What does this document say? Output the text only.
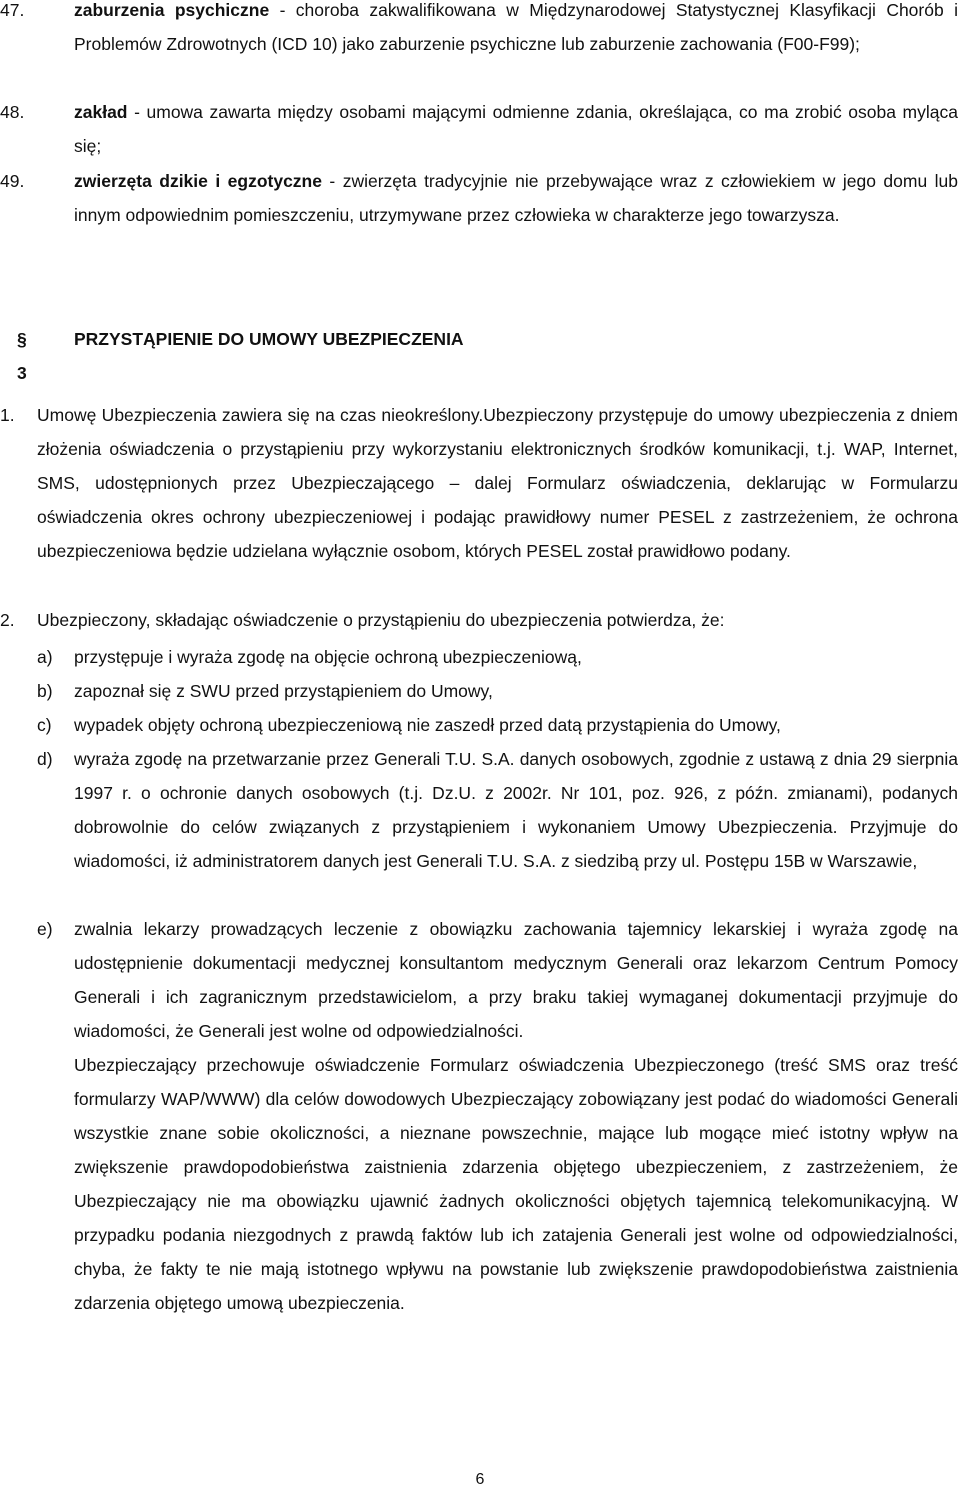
47.	zaburzenia psychiczne - choroba zakwalifikowana w Międzynarodowej Statystycznej Klasyfikacji Chorób i Problemów Zdrowotnych (ICD 10) jako zaburzenie psychiczne lub zaburzenie zachowania (F00-F99);
48.	zakład - umowa zawarta między osobami mającymi odmienne zdania, określająca, co ma zrobić osoba myląca się;
49.	zwierzęta dzikie i egzotyczne - zwierzęta tradycyjnie nie przebywające wraz z człowiekiem w jego domu lub innym odpowiednim pomieszczeniu, utrzymywane przez człowieka w charakterze jego towarzysza.
§ 3
PRZYSTĄPIENIE DO UMOWY UBEZPIECZENIA
1. Umowę Ubezpieczenia zawiera się na czas nieokreślony.Ubezpieczony przystępuje do umowy ubezpieczenia z dniem złożenia oświadczenia o przystąpieniu przy wykorzystaniu elektronicznych środków komunikacji, t.j. WAP, Internet, SMS, udostępnionych przez Ubezpieczającego – dalej Formularz oświadczenia, deklarując w Formularzu oświadczenia okres ochrony ubezpieczeniowej i podając prawidłowy numer PESEL z zastrzeżeniem, że ochrona ubezpieczeniowa będzie udzielana wyłącznie osobom, których PESEL został prawidłowo podany.
2. Ubezpieczony, składając oświadczenie o przystąpieniu do ubezpieczenia potwierdza, że:
a) przystępuje i wyraża zgodę na objęcie ochroną ubezpieczeniową,
b) zapoznał się z SWU przed przystąpieniem do Umowy,
c) wypadek objęty ochroną ubezpieczeniową nie zaszedł przed datą przystąpienia do Umowy,
d) wyraża zgodę na przetwarzanie przez Generali T.U. S.A. danych osobowych, zgodnie z ustawą z dnia 29 sierpnia 1997 r. o ochronie danych osobowych (t.j. Dz.U. z 2002r. Nr 101, poz. 926, z późn. zmianami), podanych dobrowolnie do celów związanych z przystąpieniem i wykonaniem Umowy Ubezpieczenia. Przyjmuje do wiadomości, iż administratorem danych jest Generali T.U. S.A. z siedzibą przy ul. Postępu 15B w Warszawie,
e) zwalnia lekarzy prowadzących leczenie z obowiązku zachowania tajemnicy lekarskiej i wyraża zgodę na udostępnienie dokumentacji medycznej konsultantom medycznym Generali oraz lekarzom Centrum Pomocy Generali i ich zagranicznym przedstawicielom, a przy braku takiej wymaganej dokumentacji przyjmuje do wiadomości, że Generali jest wolne od odpowiedzialności.
Ubezpieczający przechowuje oświadczenie Formularz oświadczenia Ubezpieczonego (treść SMS oraz treść formularzy WAP/WWW) dla celów dowodowych Ubezpieczający zobowiązany jest podać do wiadomości Generali wszystkie znane sobie okoliczności, a nieznane powszechnie, mające lub mogące mieć istotny wpływ na zwiększenie prawdopodobieństwa zaistnienia zdarzenia objętego ubezpieczeniem, z zastrzeżeniem, że Ubezpieczający nie ma obowiązku ujawnić żadnych okoliczności objętych tajemnicą telekomunikacyjną. W przypadku podania niezgodnych z prawdą faktów lub ich zatajenia Generali jest wolne od odpowiedzialności, chyba, że fakty te nie mają istotnego wpływu na powstanie lub zwiększenie prawdopodobieństwa zaistnienia zdarzenia objętego umową ubezpieczenia.
6
